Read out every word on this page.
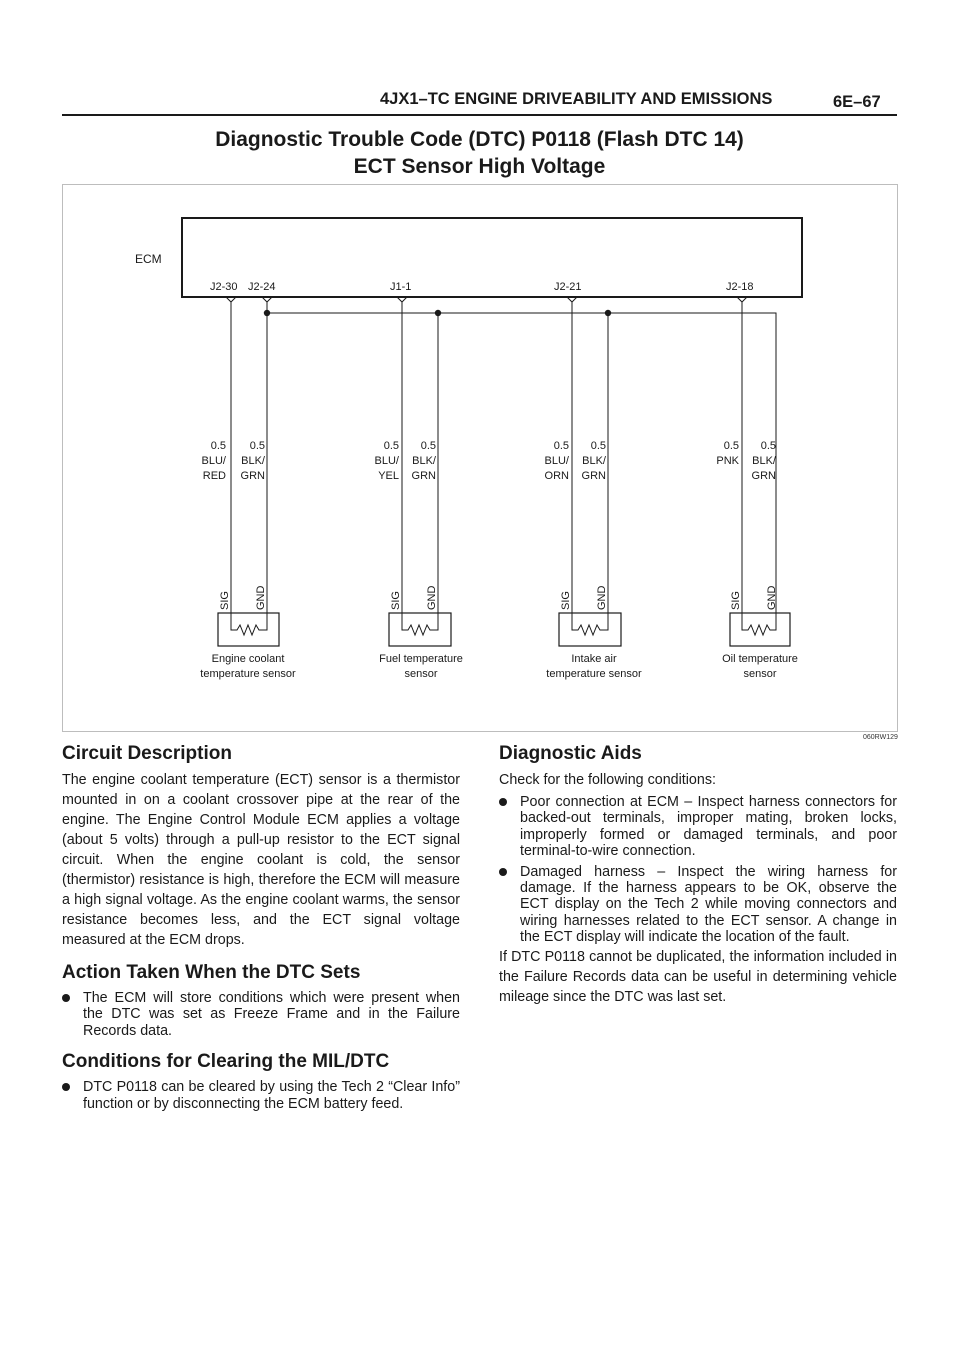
4JX1–TC ENGINE DRIVEABILITY AND EMISSIONS	6E–67
Diagnostic Trouble Code (DTC) P0118 (Flash DTC 14)
ECT Sensor High Voltage
ECM
J2-30 J2-24	J1-1	J2-21	J2-18
0.5
BLU/
RED
0.5
BLK/
GRN
0.5
BLU/
YEL
0.5
BLK/
GRN
0.5
BLU/
ORN
0.5
BLK/
GRN
0.5
PNK
0.5
BLK/
GRN
SIG GND	SIG GND	SIG GND	SIG GND
Engine coolant
temperature sensor
Fuel temperature
sensor
Intake air
temperature sensor
Oil temperature
sensor
060RW129
Circuit Description

The engine coolant temperature (ECT) sensor is a thermistor mounted in on a coolant crossover pipe at the rear of the engine. The Engine Control Module ECM applies a voltage (about 5 volts) through a pull-up resistor to the ECT signal circuit. When the engine coolant is cold, the sensor (thermistor) resistance is high, therefore the ECM will measure a high signal voltage. As the engine coolant warms, the sensor resistance becomes less, and the ECT signal voltage measured at the ECM drops.

Action Taken When the DTC Sets
The ECM will store conditions which were present when the DTC was set as Freeze Frame and in the Failure Records data.
Conditions for Clearing the MIL/DTC
DTC P0118 can be cleared by using the Tech 2 “Clear Info” function or by disconnecting the ECM battery feed.
Diagnostic Aids

Check for the following conditions:

Poor connection at ECM – Inspect harness connectors for backed-out terminals, improper mating, broken locks, improperly formed or damaged terminals, and poor terminal-to-wire connection.
Damaged harness – Inspect the wiring harness for damage. If the harness appears to be OK, observe the ECT display on the Tech 2 while moving connectors and wiring harnesses related to the ECT sensor. A change in the ECT display will indicate the location of the fault.

If DTC P0118 cannot be duplicated, the information included in the Failure Records data can be useful in determining vehicle mileage since the DTC was last set.
